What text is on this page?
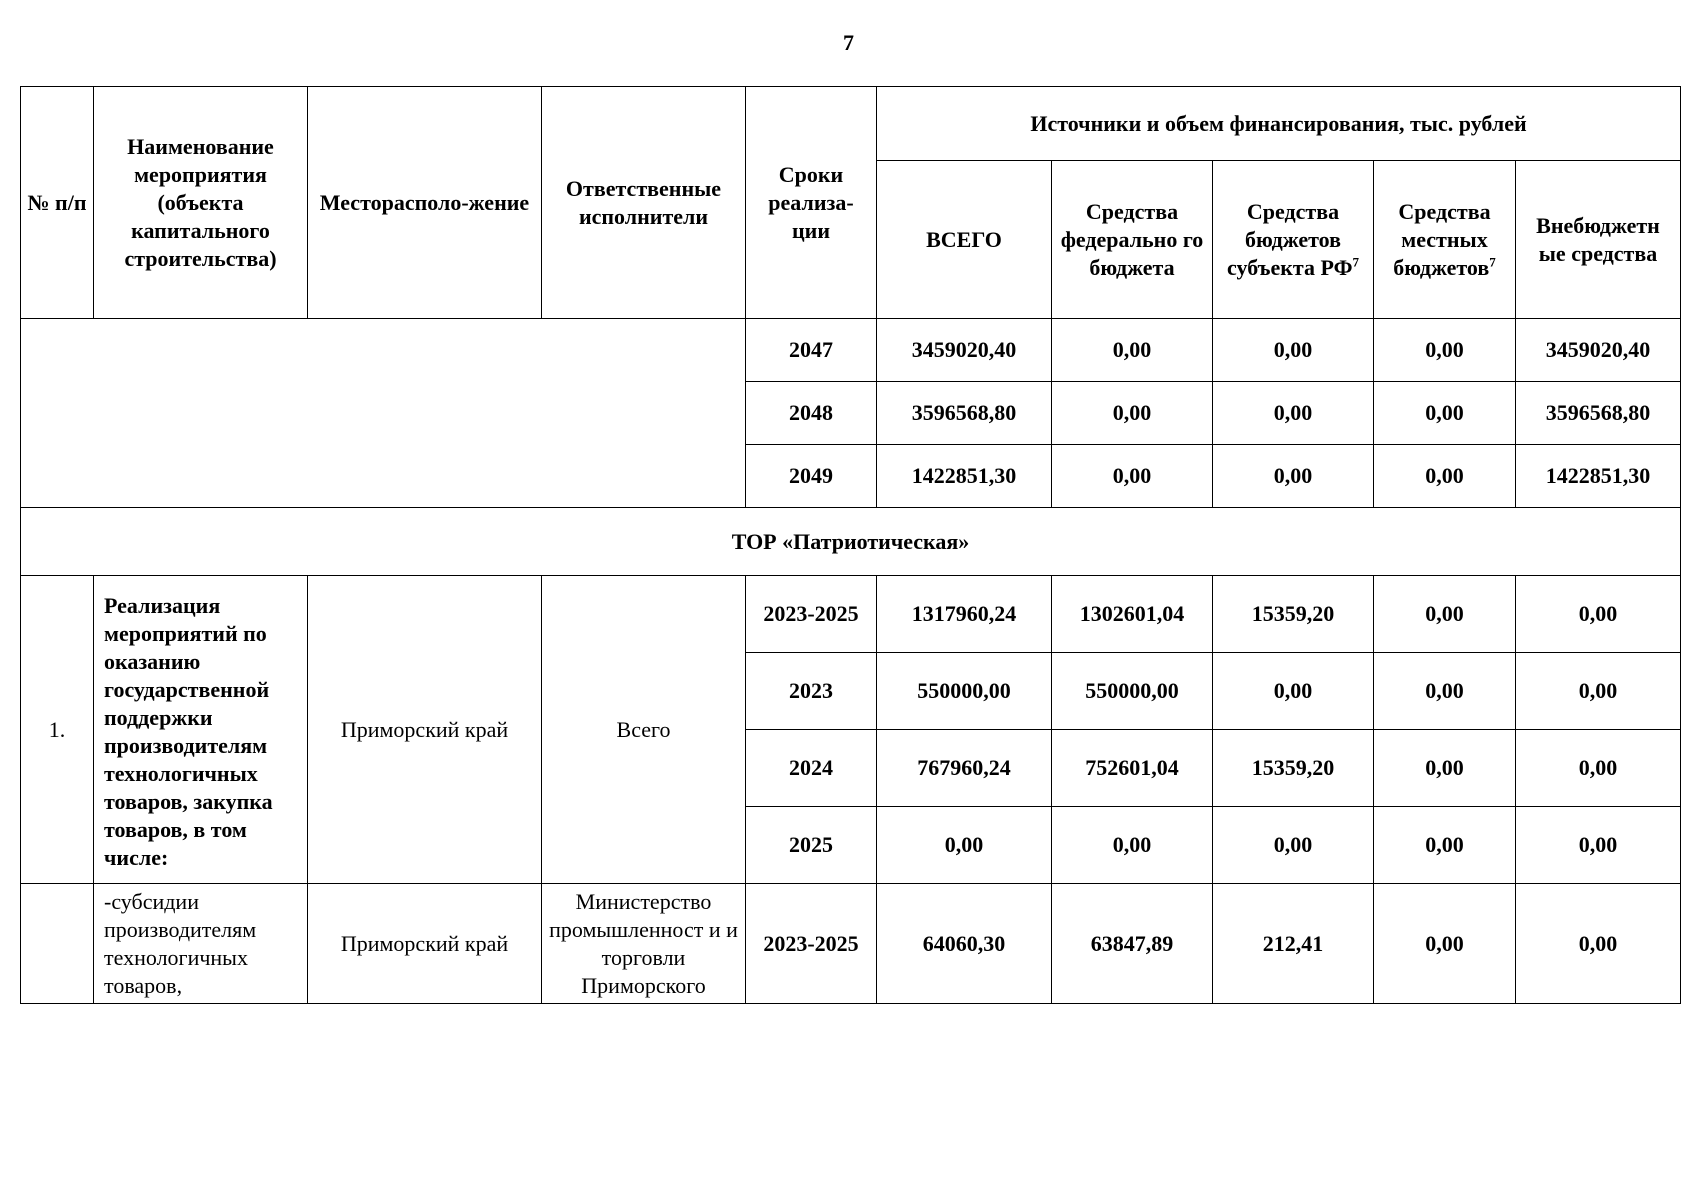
7
№ п/п	Наименование мероприятия (объекта капитального строительства)	Месторасполо-жение	Ответственные исполнители	Сроки реализа-ции	Источники и объем финансирования, тыс. рублей				
					ВСЕГО	Средства федерально го бюджета	Средства бюджетов субъекта $РФ^7$	Средства местных бюджетов$^7$	Внебюджетн ые средства
				2047	3459020,40	0,00	0,00	0,00	3459020,40
				2048	3596568,80	0,00	0,00	0,00	3596568,80
				2049	1422851,30	0,00	0,00	0,00	1422851,30
ТОР «Патриотическая»									
1.	Реализация мероприятий по оказанию государственной поддержки производителям технологичных товаров, закупка товаров, в том числе:	Приморский край	Всего	2023-2025	1317960,24	1302601,04	15359,20	0,00	0,00
				2023	550000,00	550000,00	0,00	0,00	0,00
				2024	767960,24	752601,04	15359,20	0,00	0,00
				2025	0,00	0,00	0,00	0,00	0,00
	-субсидии производителям технологичных товаров,	Приморский край	Министерство промышленност и и торговли Приморского	2023-2025	64060,30	63847,89	212,41	0,00	0,00
